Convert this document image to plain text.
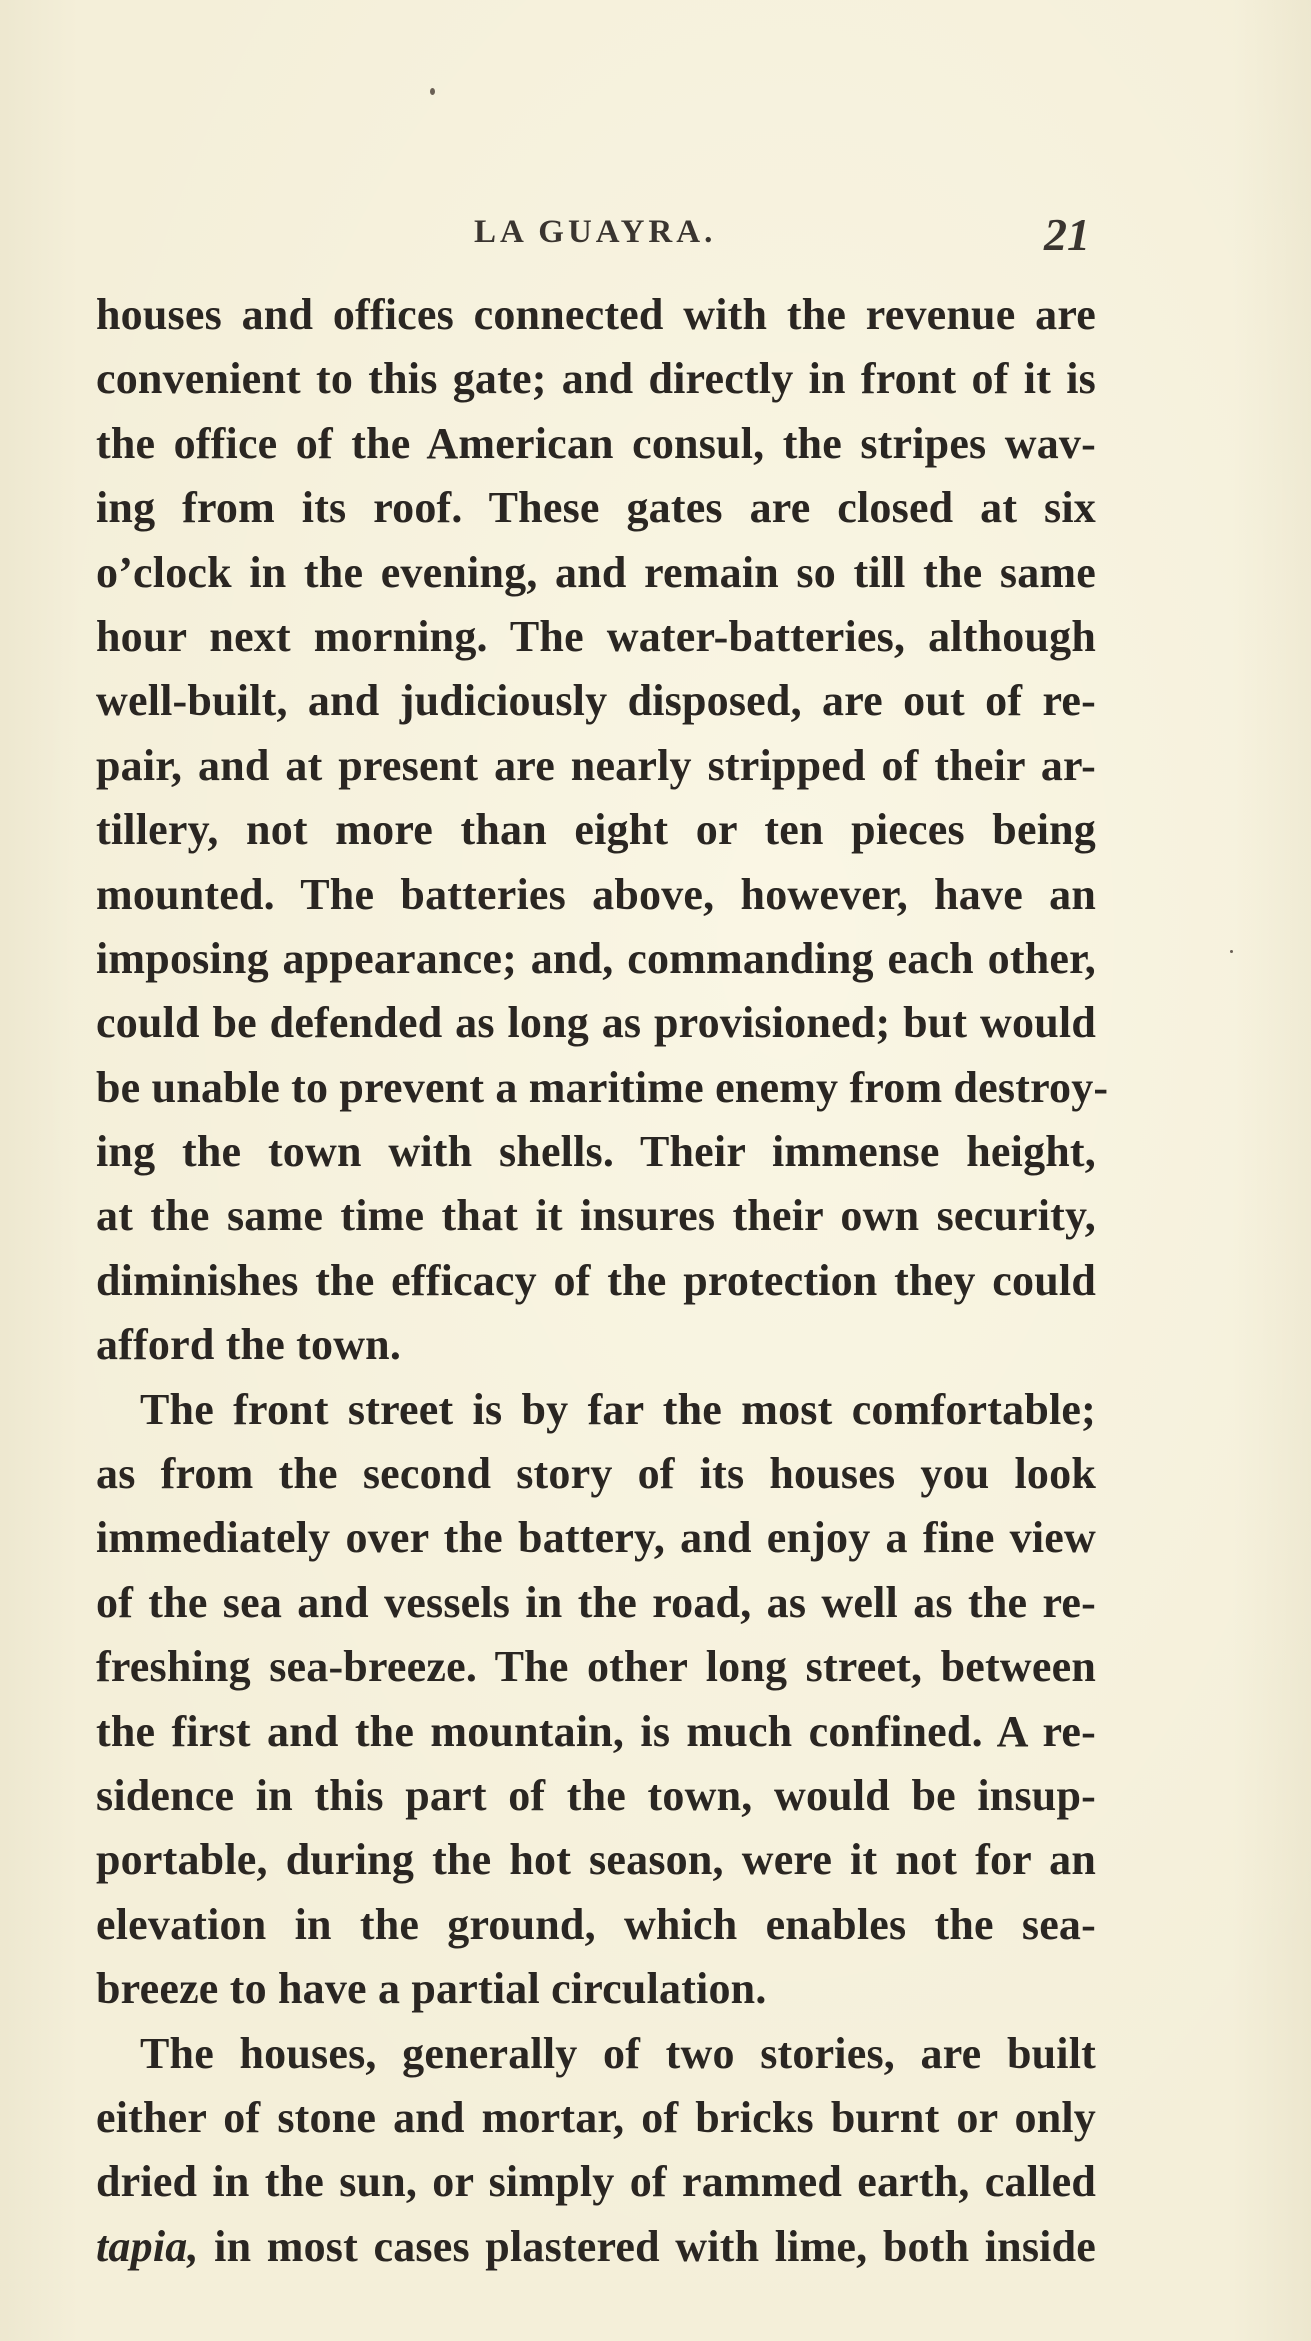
LA GUAYRA.	21
houses and offices connected with the revenue are
convenient to this gate; and directly in front of it is
the office of the American consul, the stripes wav-
ing from its roof. These gates are closed at six
o’clock in the evening, and remain so till the same
hour next morning. The water-batteries, although
well-built, and judiciously disposed, are out of re-
pair, and at present are nearly stripped of their ar-
tillery, not more than eight or ten pieces being
mounted. The batteries above, however, have an
imposing appearance; and, commanding each other,
could be defended as long as provisioned; but would
be unable to prevent a maritime enemy from destroy-
ing the town with shells. Their immense height,
at the same time that it insures their own security,
diminishes the efficacy of the protection they could
afford the town.
The front street is by far the most comfortable;
as from the second story of its houses you look
immediately over the battery, and enjoy a fine view
of the sea and vessels in the road, as well as the re-
freshing sea-breeze. The other long street, between
the first and the mountain, is much confined. A re-
sidence in this part of the town, would be insup-
portable, during the hot season, were it not for an
elevation in the ground, which enables the sea-
breeze to have a partial circulation.
The houses, generally of two stories, are built
either of stone and mortar, of bricks burnt or only
dried in the sun, or simply of rammed earth, called
tapia, in most cases plastered with lime, both inside
